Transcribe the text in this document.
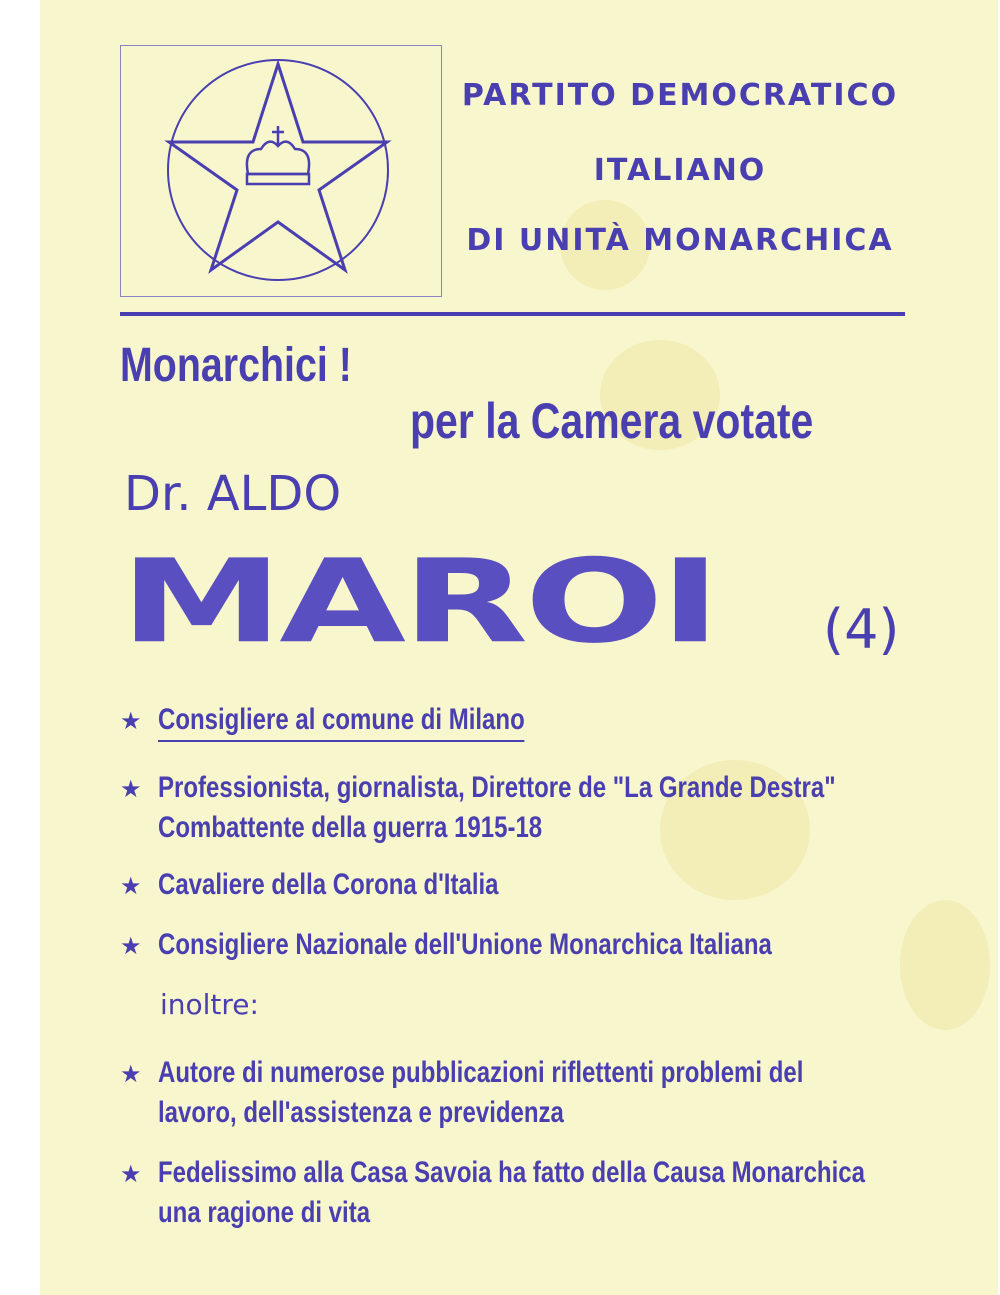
PARTITO DEMOCRATICO
ITALIANO
DI UNITÀ MONARCHICA
Monarchici !
per la Camera votate
Dr. ALDO
MAROI (4)
★ Consigliere al comune di Milano
★ Professionista, giornalista, Direttore de "La Grande Destra"
Combattente della guerra 1915-18
★ Cavaliere della Corona d'Italia
★ Consigliere Nazionale dell'Unione Monarchica Italiana
inoltre:
★ Autore di numerose pubblicazioni riflettenti problemi del
lavoro, dell'assistenza e previdenza
★ Fedelissimo alla Casa Savoia ha fatto della Causa Monarchica
una ragione di vita
